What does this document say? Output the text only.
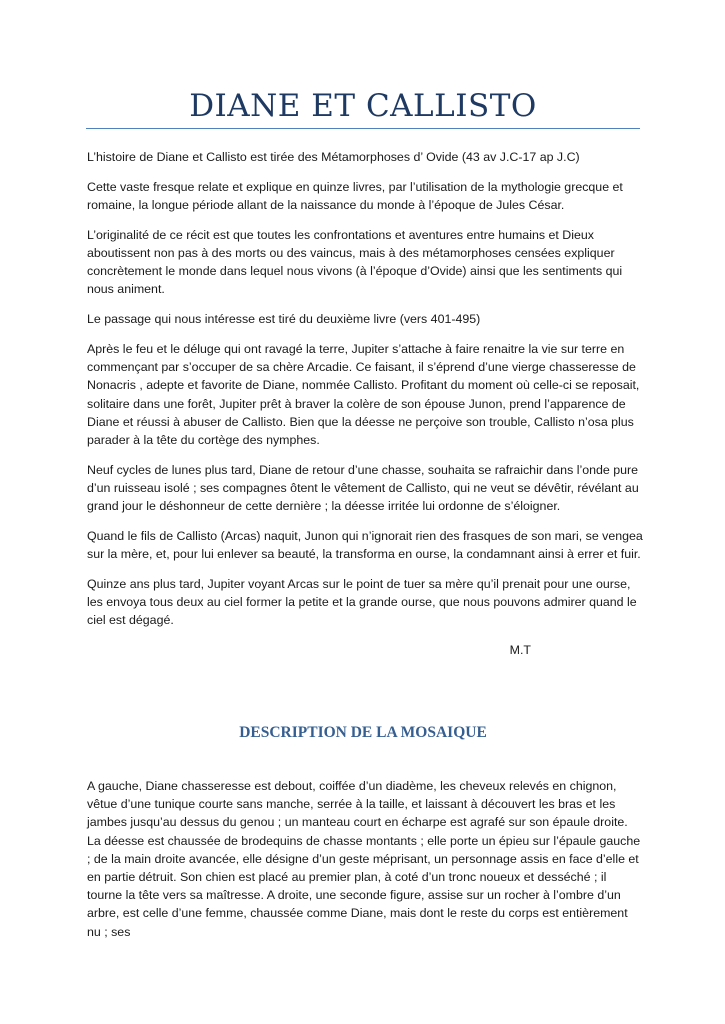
DIANE ET CALLISTO

L’histoire de Diane et Callisto est tirée des Métamorphoses d’ Ovide (43 av J.C-17 ap J.C)

Cette vaste fresque relate et explique en quinze livres, par l’utilisation de la mythologie grecque et romaine, la longue période allant de la naissance du monde à l’époque de Jules César.

L’originalité de ce récit est que toutes les confrontations et aventures entre humains et Dieux aboutissent non pas à des morts ou des vaincus, mais à des métamorphoses censées expliquer concrètement le monde dans lequel nous vivons (à l’époque d’Ovide) ainsi que les sentiments qui nous animent.

Le passage qui nous intéresse est tiré du deuxième livre (vers 401-495)

Après le feu et le déluge qui ont ravagé la terre, Jupiter s’attache à faire renaitre la vie sur terre en commençant par s’occuper de sa chère Arcadie. Ce faisant, il s’éprend d’une vierge chasseresse de Nonacris , adepte et favorite de Diane, nommée Callisto. Profitant du moment où celle-ci se reposait, solitaire dans une forêt, Jupiter prêt à braver la colère de son épouse Junon, prend l’apparence de Diane et réussi à abuser de Callisto. Bien que la déesse ne perçoive son trouble, Callisto n’osa plus parader à la tête du cortège des nymphes.

Neuf cycles de lunes plus tard, Diane de retour d’une chasse, souhaita se rafraichir dans l’onde pure d’un ruisseau isolé ; ses compagnes ôtent le vêtement de Callisto, qui ne veut se dévêtir, révélant au grand jour le déshonneur de cette dernière ; la déesse irritée lui ordonne de s’éloigner.

Quand le fils de Callisto (Arcas) naquit, Junon qui n’ignorait rien des frasques de son mari, se vengea sur la mère, et, pour lui enlever sa beauté, la transforma en ourse, la condamnant ainsi à errer et fuir.

Quinze ans plus tard, Jupiter voyant Arcas sur le point de tuer sa mère qu’il prenait pour une ourse, les envoya tous deux au ciel former la petite et la grande ourse, que nous pouvons admirer quand le ciel est dégagé.

M.T

DESCRIPTION DE LA MOSAIQUE

A gauche, Diane chasseresse est debout, coiffée d’un diadème, les cheveux relevés en chignon, vêtue d’une tunique courte sans manche, serrée à la taille, et laissant à découvert les bras et les jambes jusqu’au dessus du genou ; un manteau court en écharpe est agrafé sur son épaule droite. La déesse est chaussée de brodequins de chasse montants ; elle porte un épieu sur l’épaule gauche ; de la main droite avancée, elle désigne d’un geste méprisant, un personnage assis en face d’elle et en partie détruit. Son chien est placé au premier plan, à coté d’un tronc noueux et desséché ; il tourne la tête vers sa maîtresse. A droite, une seconde figure, assise sur un rocher à l’ombre d’un arbre, est celle d’une femme, chaussée comme Diane, mais dont le reste du corps est entièrement nu ; ses
